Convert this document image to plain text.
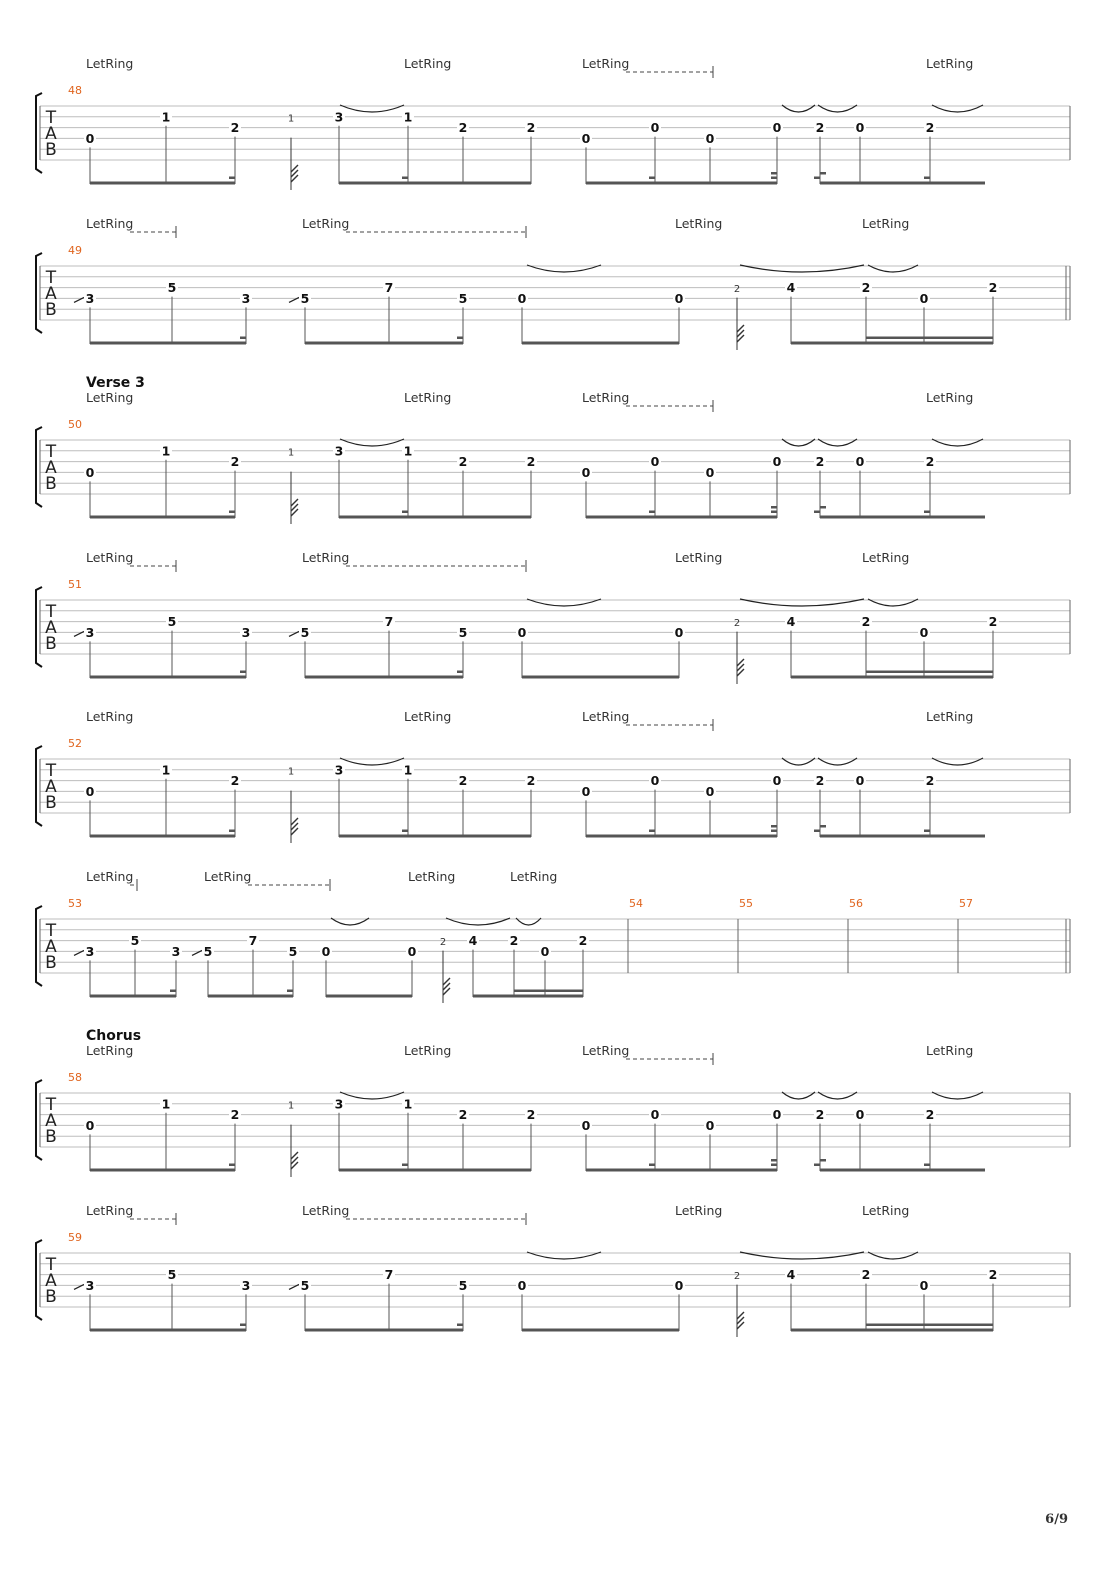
T
A
B
48
LetRing	LetRing	LetRing	LetRing
0
1
2
1	3	1
2	2
0
0
0
0	2	0	2
T
A
B
49
LetRing	LetRing	LetRing	LetRing
3
5
3	5
7
5	0	0
2	4	2
0
2
T
A
B
50
Verse 3
LetRing	LetRing	LetRing	LetRing
0
1
2
1	3	1
2	2
0
0
0
0	2	0	2
T
A
B
51
LetRing	LetRing	LetRing	LetRing
3
5
3	5
7
5	0	0
2	4	2
0
2
T
A
B
52
LetRing	LetRing	LetRing	LetRing
0
1
2
1	3	1
2	2
0
0
0
0	2	0	2
T
A
B
53
LetRing	LetRing	LetRing	LetRing
54	55	56	57
3
5
3 5
7
5 0	0
2 4	2
0
2
T
A
B
58
Chorus
LetRing	LetRing	LetRing	LetRing
0
1
2
1	3	1
2	2
0
0
0
0	2	0	2
T
A
B
59
LetRing	LetRing	LetRing	LetRing
3
5
3	5
7
5	0	0
2	4	2
0
2
6/9
